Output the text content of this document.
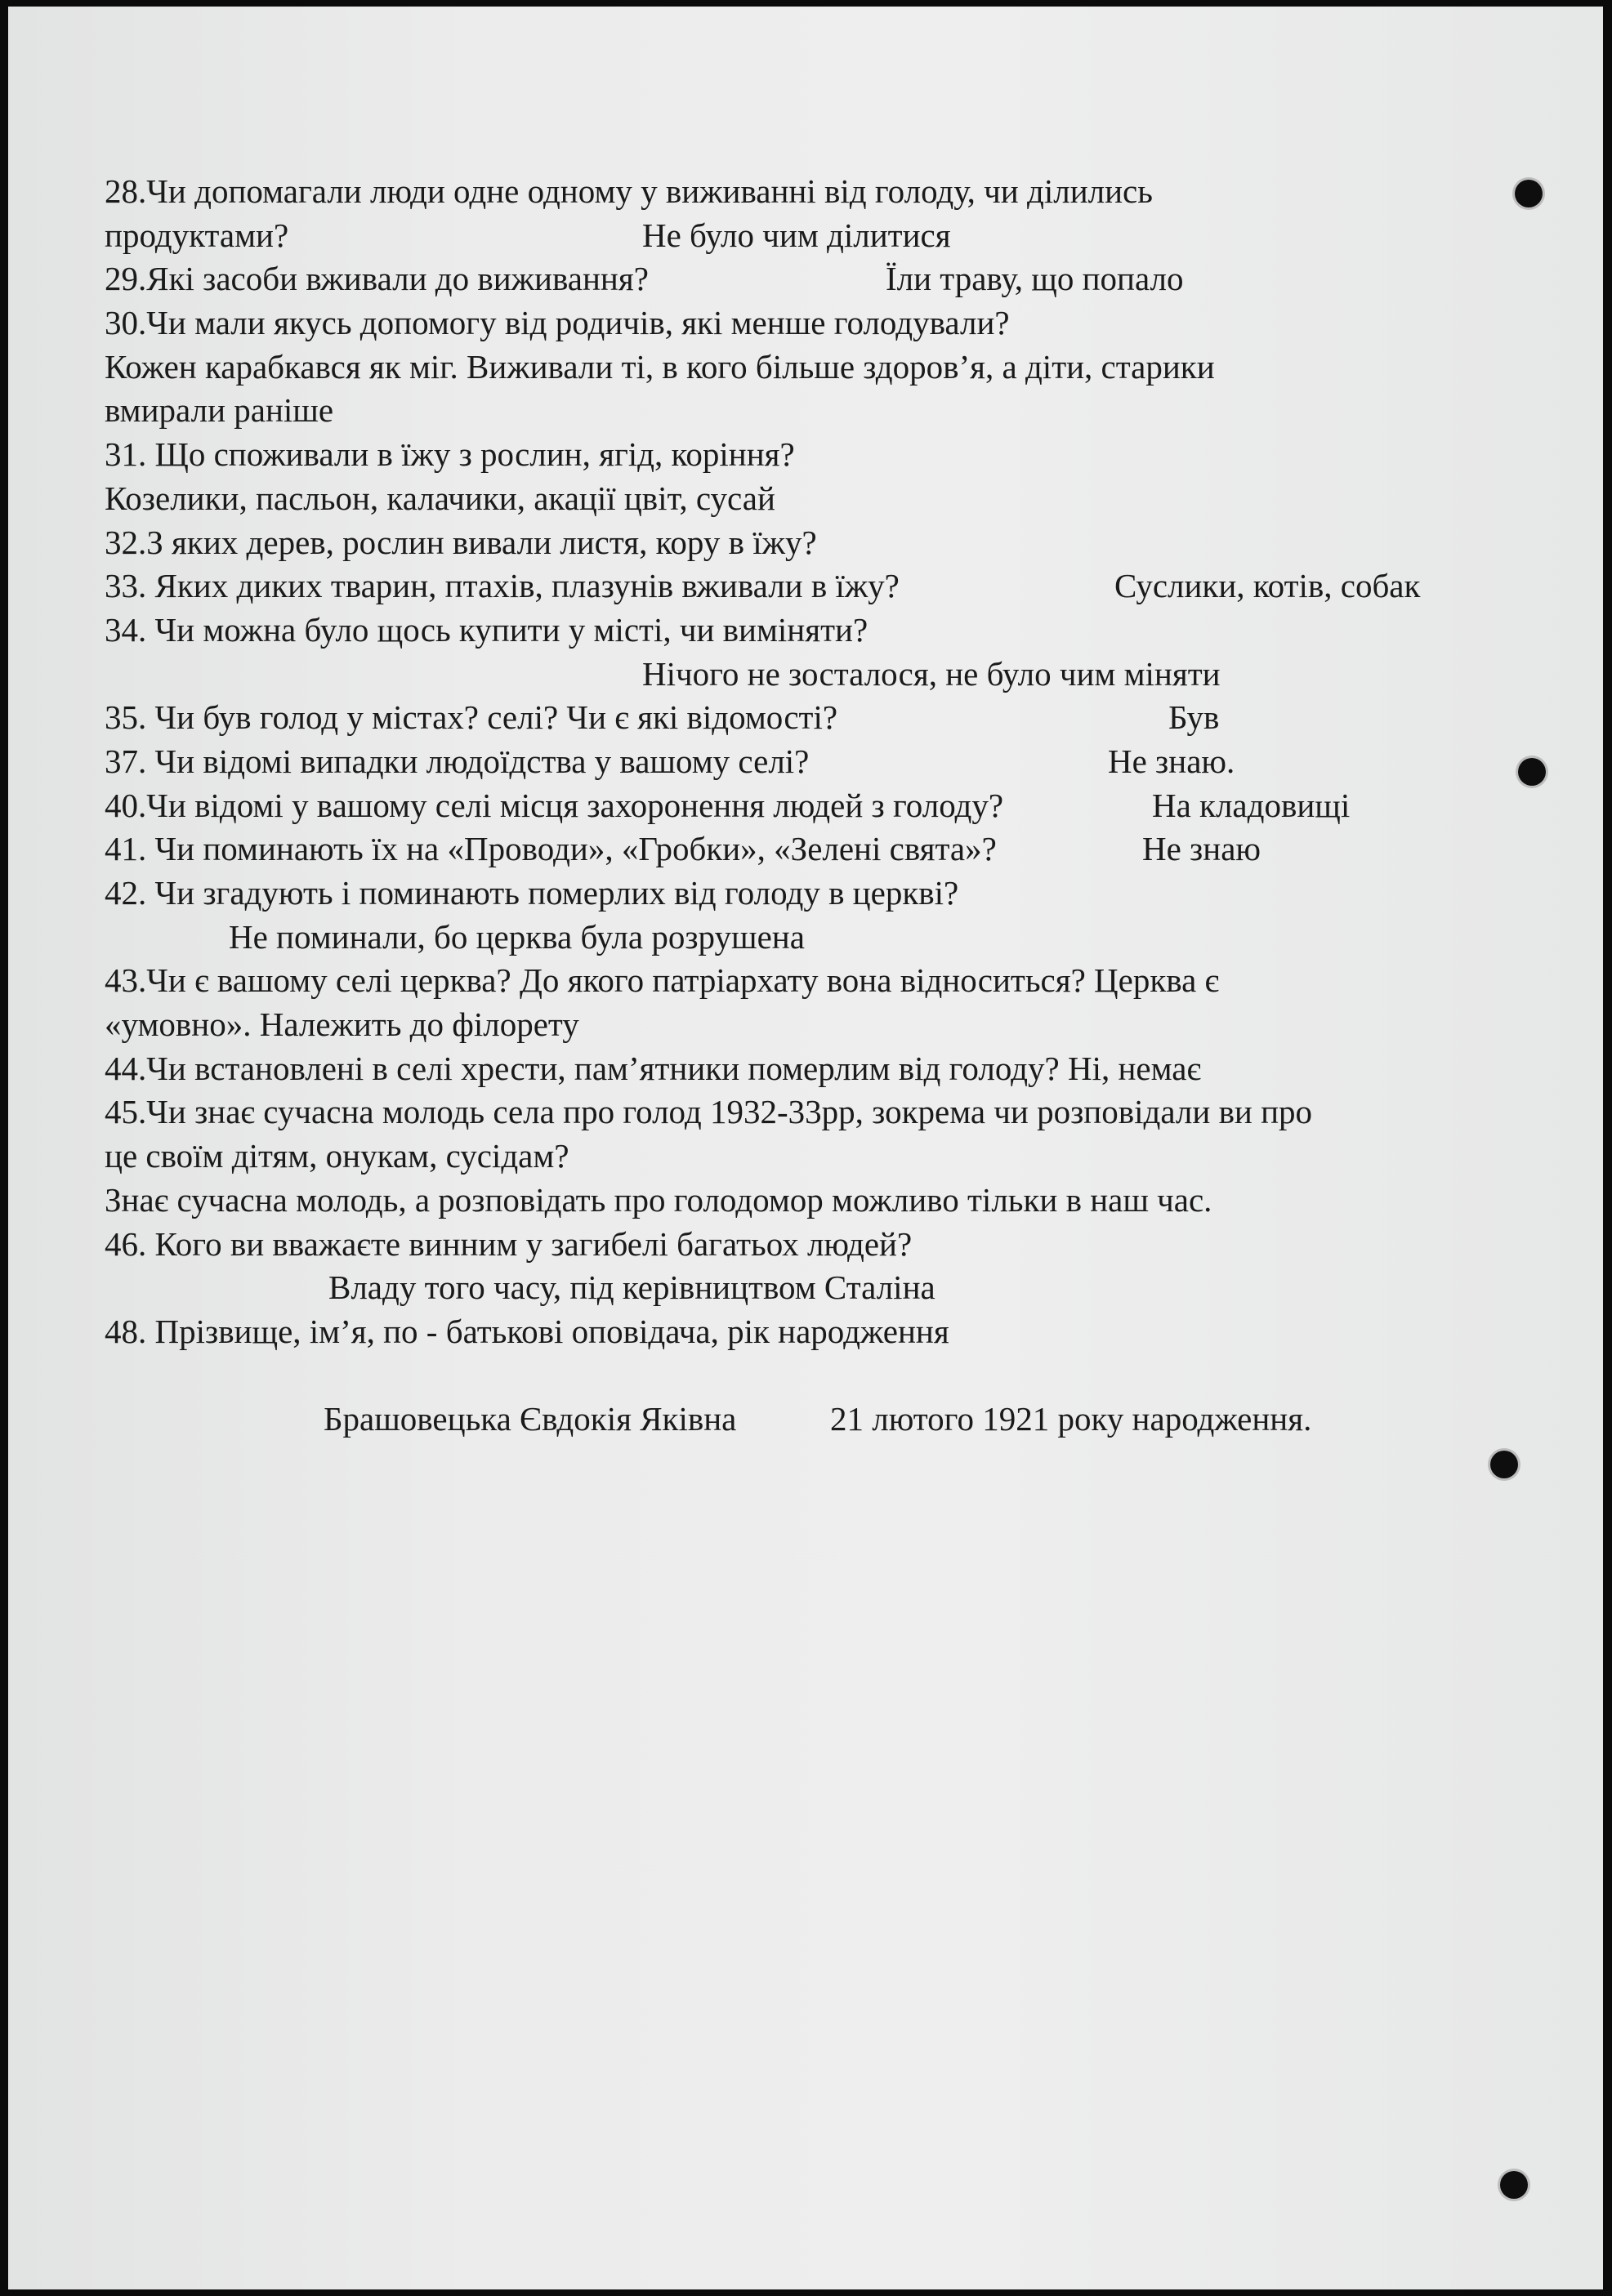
28.Чи допомагали люди одне одному у виживанні від голоду, чи ділились
продуктами?	Не було чим ділитися
29.Які засоби вживали до виживання?	Їли траву, що попало
30.Чи мали якусь допомогу від родичів, які менше голодували?
Кожен карабкався як міг. Виживали ті, в кого більше здоров’я, а діти, старики
вмирали раніше
31. Що споживали в їжу з рослин, ягід, коріння?
Козелики, пасльон, калачики, акації цвіт, сусай
32.З яких дерев, рослин вивали листя, кору в їжу?
33. Яких диких тварин, птахів, плазунів вживали в їжу?	Суслики, котів, собак
34. Чи можна було щось купити у місті, чи виміняти?
Нічого не зосталося, не було чим міняти
35. Чи був голод у містах? селі? Чи є які відомості?	Був
37. Чи відомі випадки людоїдства у вашому селі?	Не знаю.
40.Чи відомі у вашому селі місця захоронення людей з голоду?	На кладовищі
41. Чи поминають їх на «Проводи», «Гробки», «Зелені свята»?	Не знаю
42. Чи згадують і поминають померлих від голоду в церкві?
Не поминали, бо церква була розрушена
43.Чи є вашому селі церква? До якого патріархату вона відноситься? Церква є
«умовно». Належить до філорету
44.Чи встановлені в селі хрести, пам’ятники померлим від голоду? Ні, немає
45.Чи знає сучасна молодь села про голод 1932-33рр, зокрема чи розповідали ви про
це своїм дітям, онукам, сусідам?
Знає сучасна молодь, а розповідать про голодомор можливо тільки в наш час.
46. Кого ви вважаєте винним у загибелі багатьох людей?
Владу того часу, під керівництвом Сталіна
48. Прізвище, ім’я, по - батькові оповідача, рік народження
Брашовецька Євдокія Яківна	21 лютого 1921 року народження.
